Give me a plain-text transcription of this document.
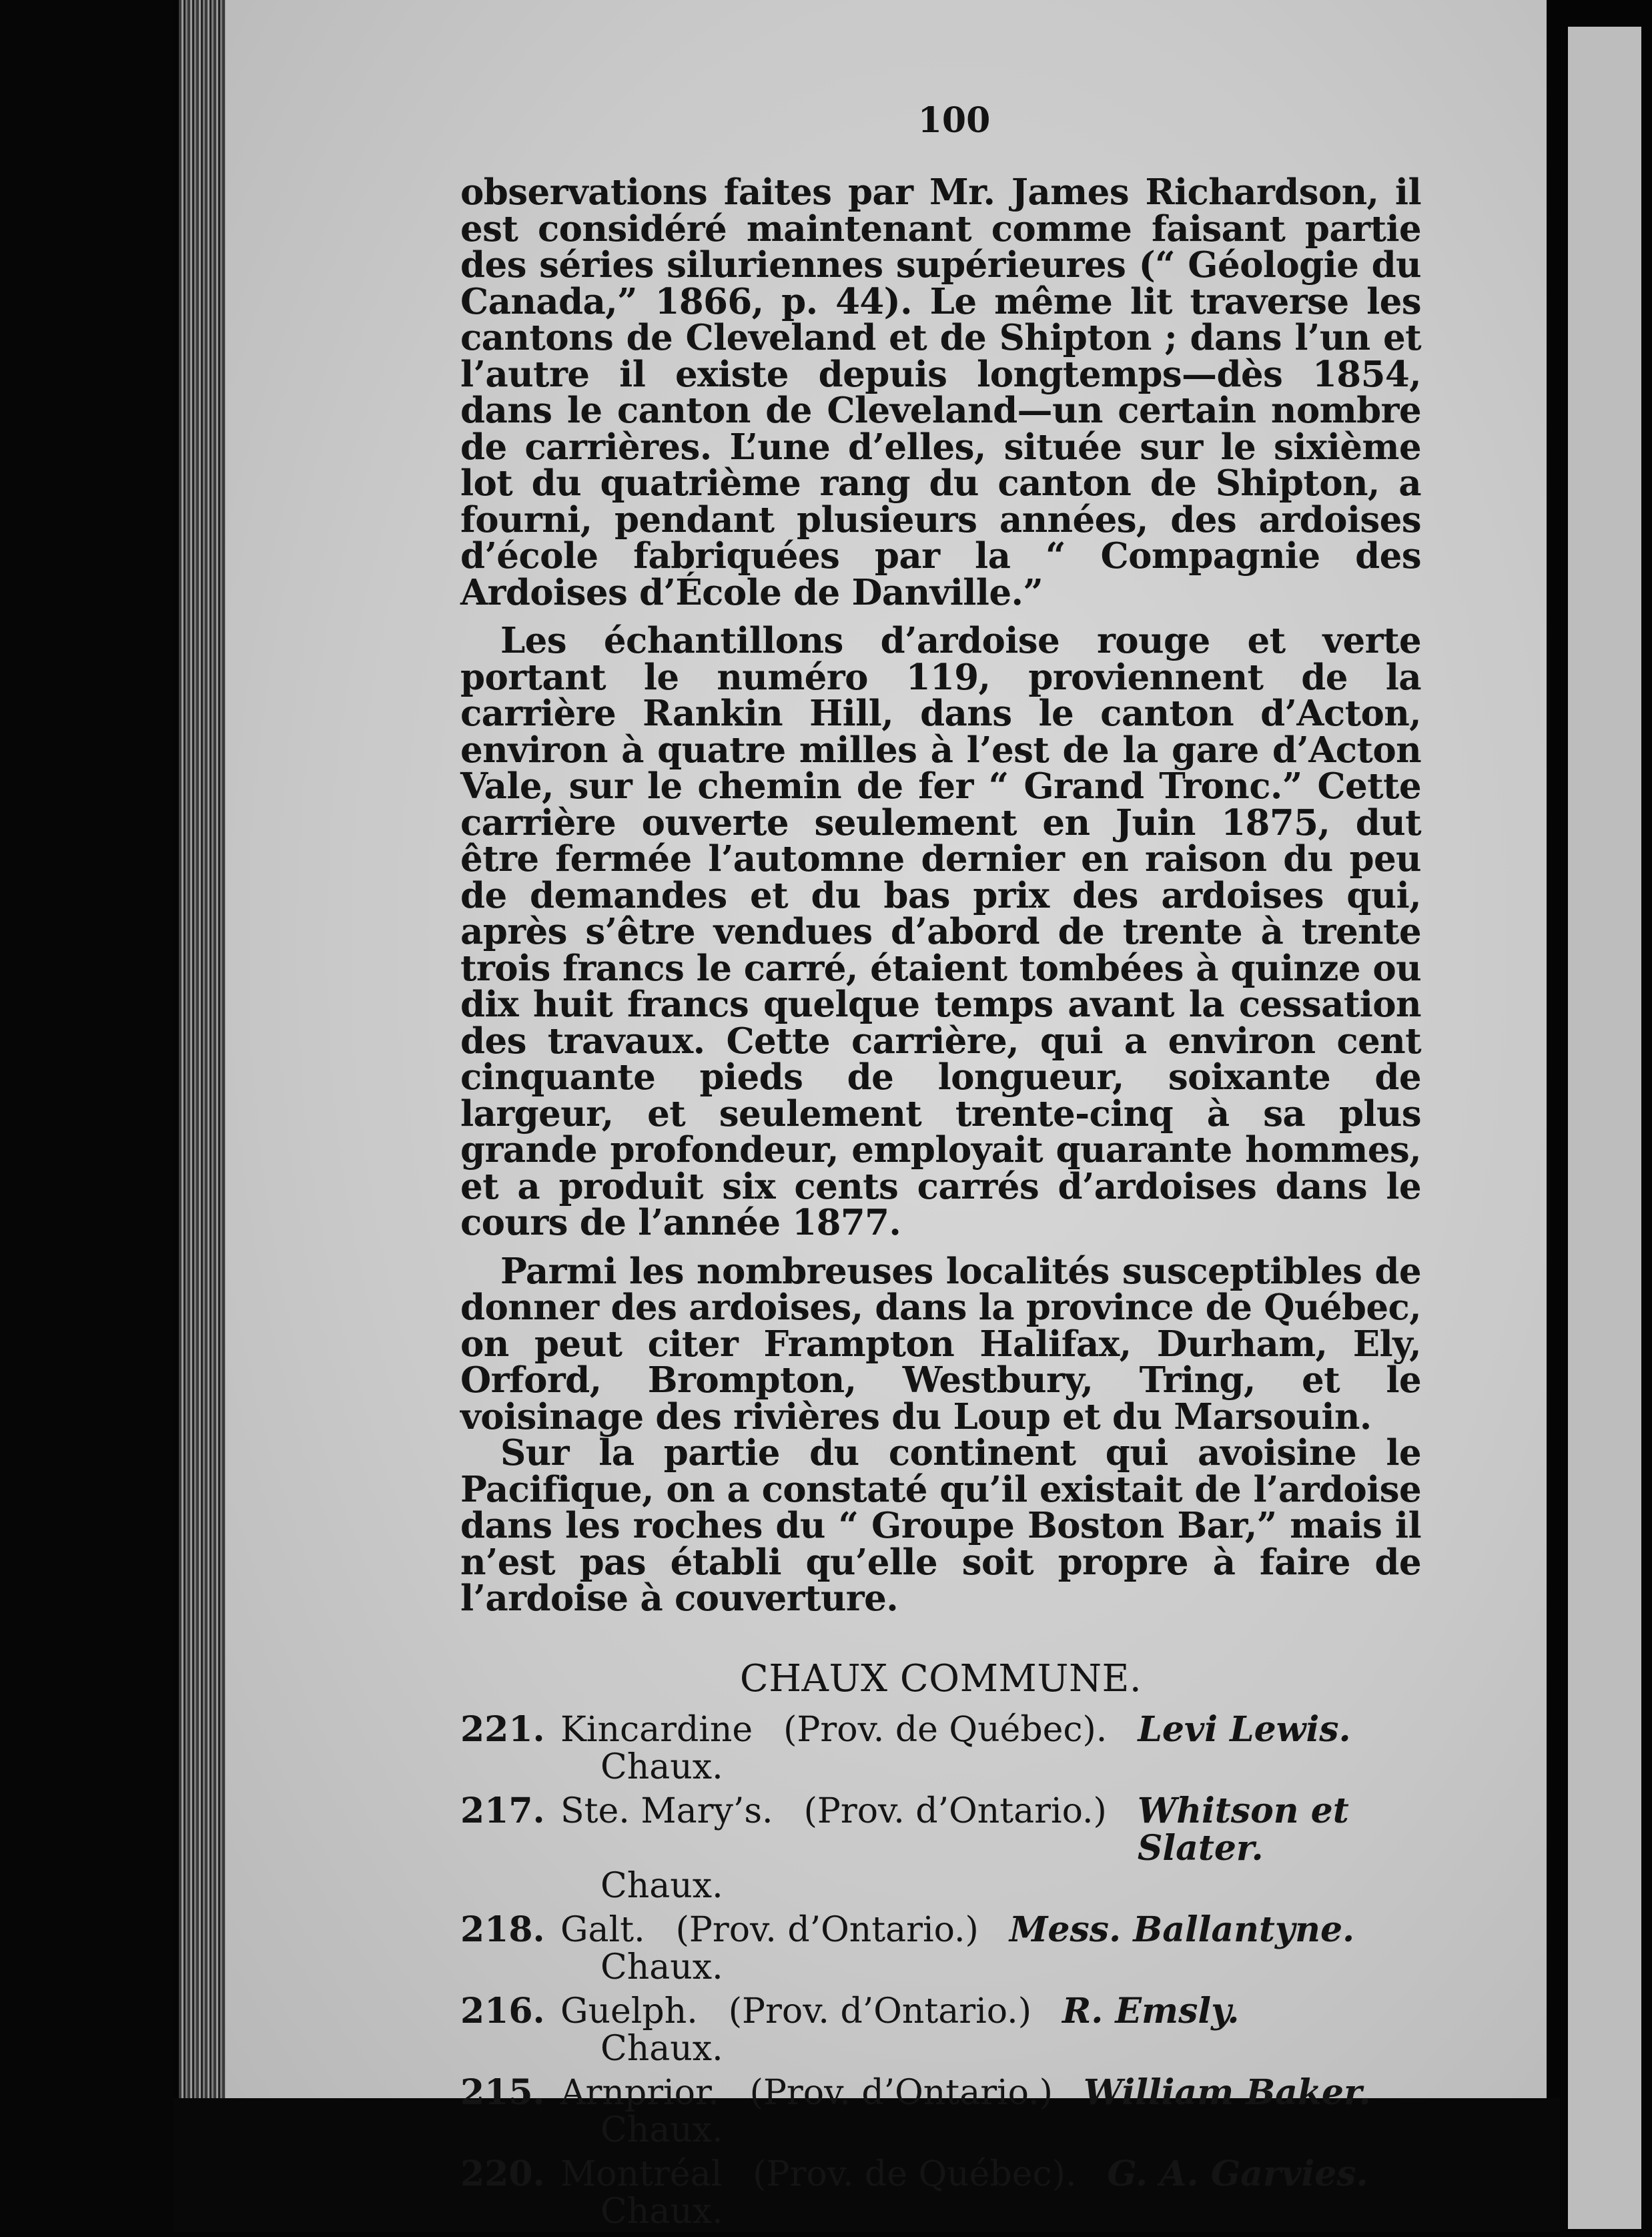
100

observations faites par Mr. James Richardson, il est considéré maintenant comme faisant partie des séries siluriennes supérieures (“ Géologie du Canada,” 1866, p. 44). Le même lit traverse les cantons de Cleveland et de Shipton ; dans l’un et l’autre il existe depuis longtemps—dès 1854, dans le canton de Cleveland—un certain nombre de carrières. L’une d’elles, située sur le sixième lot du quatrième rang du canton de Shipton, a fourni, pendant plusieurs années, des ardoises d’école fabriquées par la “ Compagnie des Ardoises d’École de Danville.”

Les échantillons d’ardoise rouge et verte portant le numéro 119, proviennent de la carrière Rankin Hill, dans le canton d’Acton, environ à quatre milles à l’est de la gare d’Acton Vale, sur le chemin de fer “ Grand Tronc.” Cette carrière ouverte seulement en Juin 1875, dut être fermée l’automne dernier en raison du peu de demandes et du bas prix des ardoises qui, après s’être vendues d’abord de trente à trente trois francs le carré, étaient tombées à quinze ou dix huit francs quelque temps avant la cessation des travaux. Cette carrière, qui a environ cent cinquante pieds de longueur, soixante de largeur, et seulement trente-cinq à sa plus grande profondeur, employait quarante hommes, et a produit six cents carrés d’ardoises dans le cours de l’année 1877.

Parmi les nombreuses localités susceptibles de donner des ardoises, dans la province de Québec, on peut citer Frampton Halifax, Durham, Ely, Orford, Brompton, Westbury, Tring, et le voisinage des rivières du Loup et du Marsouin.

Sur la partie du continent qui avoisine le Pacifique, on a constaté qu’il existait de l’ardoise dans les roches du “ Groupe Boston Bar,” mais il n’est pas établi qu’elle soit propre à faire de l’ardoise à couverture.

CHAUX COMMUNE.
221. Kincardine (Prov. de Québec). Levi Lewis.
Chaux.
217. Ste. Mary’s. (Prov. d’Ontario.) Whitson et Slater.
Chaux.
218. Galt. (Prov. d’Ontario.) Mess. Ballantyne.
Chaux.
216. Guelph. (Prov. d’Ontario.) R. Emsly.
Chaux.
215. Arnprior. (Prov. d’Ontario.) William Baker.
Chaux.
220. Montréal (Prov. de Québec). G. A. Garvies.
Chaux.
